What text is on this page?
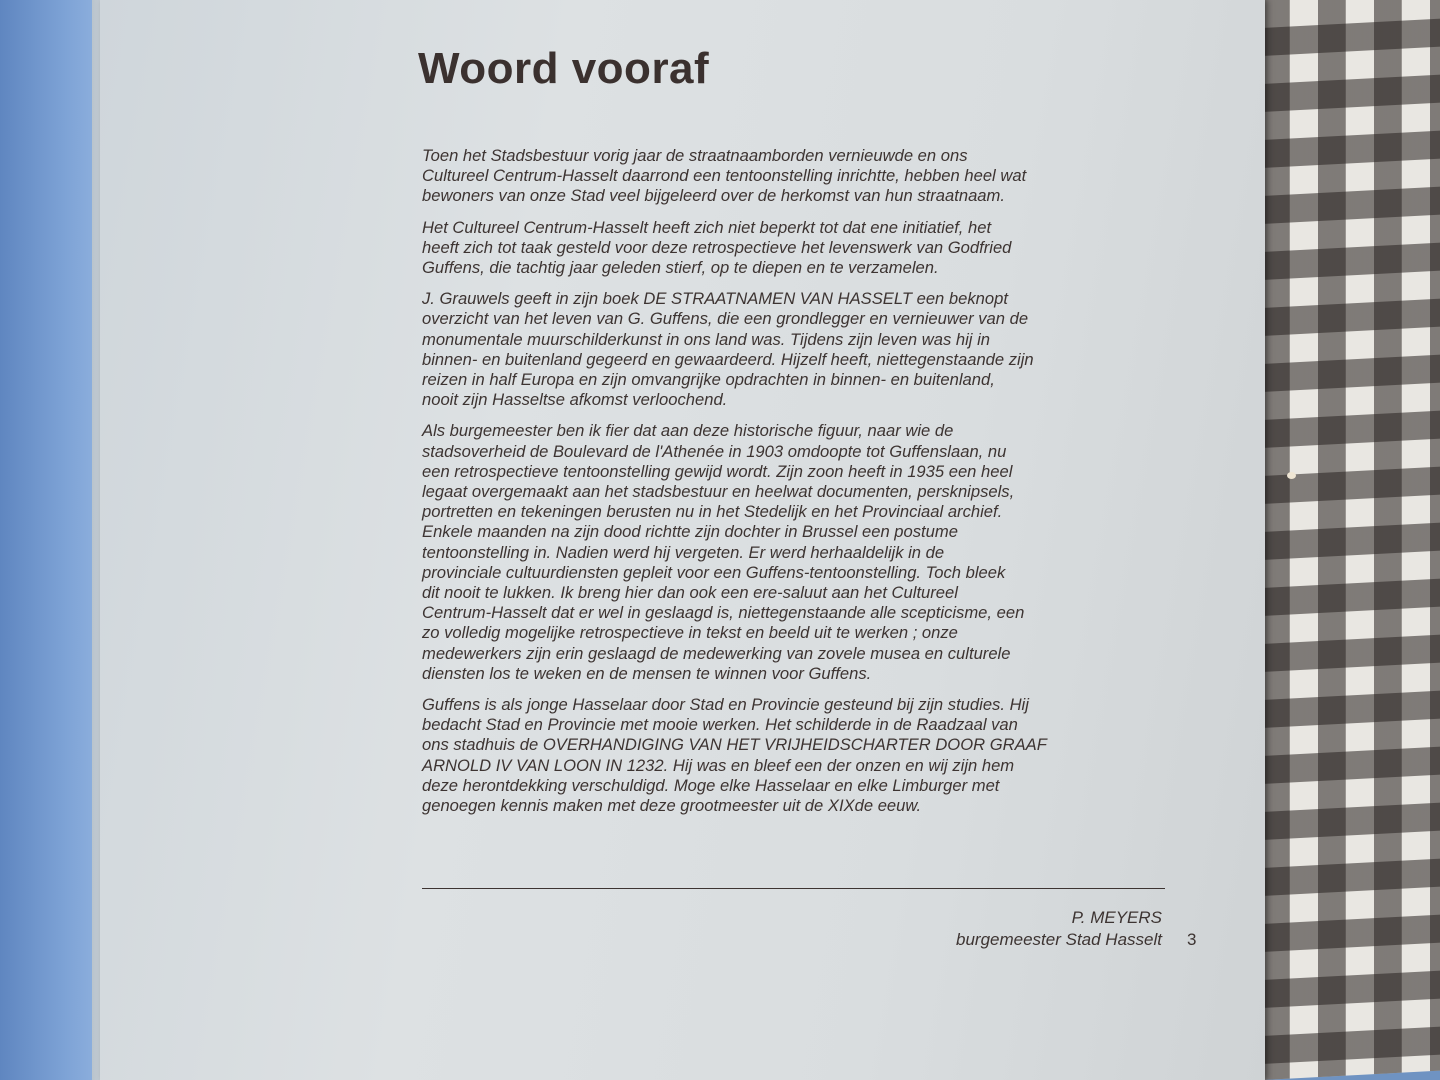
Woord vooraf

Toen het Stadsbestuur vorig jaar de straatnaamborden vernieuwde en ons
Cultureel Centrum-Hasselt daarrond een tentoonstelling inrichtte, hebben heel wat
bewoners van onze Stad veel bijgeleerd over de herkomst van hun straatnaam.

Het Cultureel Centrum-Hasselt heeft zich niet beperkt tot dat ene initiatief, het
heeft zich tot taak gesteld voor deze retrospectieve het levenswerk van Godfried
Guffens, die tachtig jaar geleden stierf, op te diepen en te verzamelen.

J. Grauwels geeft in zijn boek DE STRAATNAMEN VAN HASSELT een beknopt
overzicht van het leven van G. Guffens, die een grondlegger en vernieuwer van de
monumentale muurschilderkunst in ons land was. Tijdens zijn leven was hij in
binnen- en buitenland gegeerd en gewaardeerd. Hijzelf heeft, niettegenstaande zijn
reizen in half Europa en zijn omvangrijke opdrachten in binnen- en buitenland,
nooit zijn Hasseltse afkomst verloochend.

Als burgemeester ben ik fier dat aan deze historische figuur, naar wie de
stadsoverheid de Boulevard de l'Athenée in 1903 omdoopte tot Guffenslaan, nu
een retrospectieve tentoonstelling gewijd wordt. Zijn zoon heeft in 1935 een heel
legaat overgemaakt aan het stadsbestuur en heelwat documenten, persknipsels,
portretten en tekeningen berusten nu in het Stedelijk en het Provinciaal archief.
Enkele maanden na zijn dood richtte zijn dochter in Brussel een postume
tentoonstelling in. Nadien werd hij vergeten. Er werd herhaaldelijk in de
provinciale cultuurdiensten gepleit voor een Guffens-tentoonstelling. Toch bleek
dit nooit te lukken. Ik breng hier dan ook een ere-saluut aan het Cultureel
Centrum-Hasselt dat er wel in geslaagd is, niettegenstaande alle scepticisme, een
zo volledig mogelijke retrospectieve in tekst en beeld uit te werken ; onze
medewerkers zijn erin geslaagd de medewerking van zovele musea en culturele
diensten los te weken en de mensen te winnen voor Guffens.

Guffens is als jonge Hasselaar door Stad en Provincie gesteund bij zijn studies. Hij
bedacht Stad en Provincie met mooie werken. Het schilderde in de Raadzaal van
ons stadhuis de OVERHANDIGING VAN HET VRIJHEIDSCHARTER DOOR GRAAF
ARNOLD IV VAN LOON IN 1232. Hij was en bleef een der onzen en wij zijn hem
deze herontdekking verschuldigd. Moge elke Hasselaar en elke Limburger met
genoegen kennis maken met deze grootmeester uit de XIXde eeuw.

P. MEYERS
burgemeester Stad Hasselt 3
